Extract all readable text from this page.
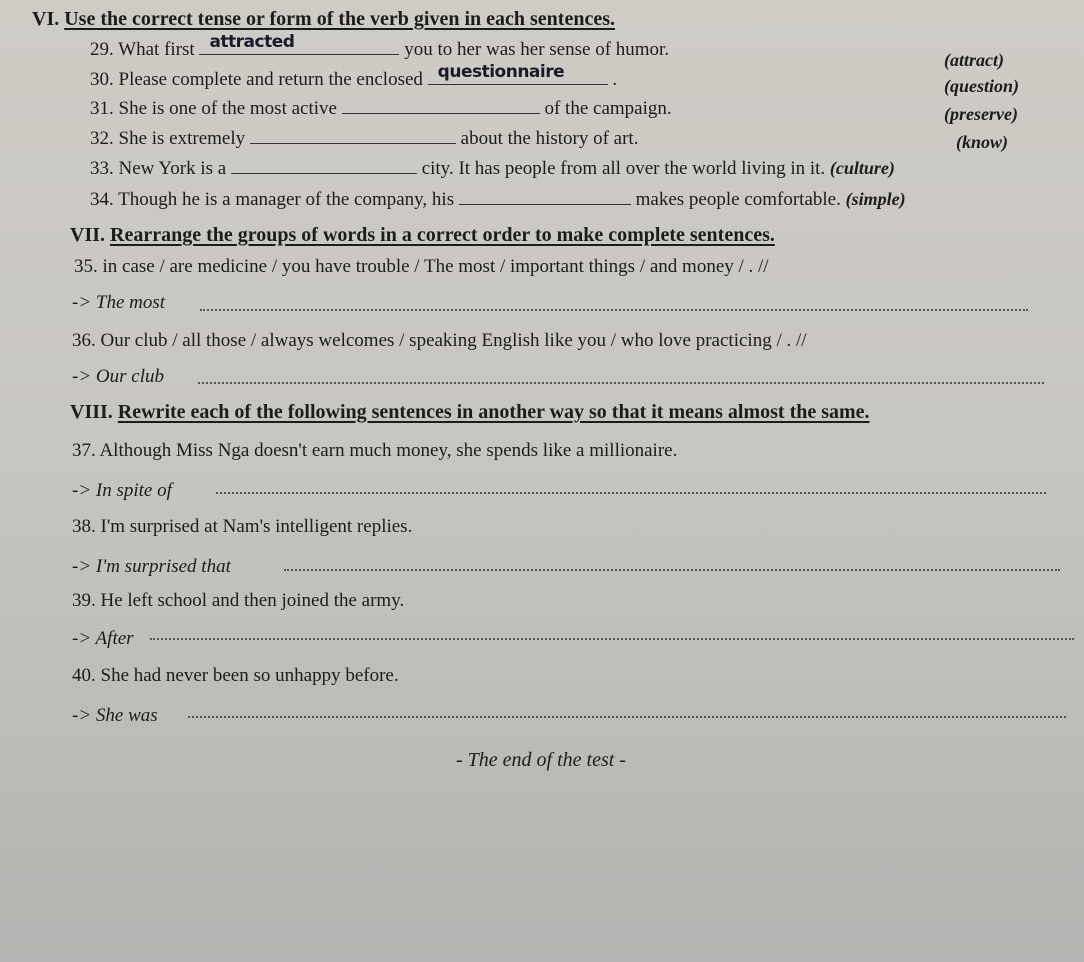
VI. Use the correct tense or form of the verb given in each sentences.
29. What first attracted	you to her was her sense of humor.	(attract)
30. Please complete and return the enclosed questionnaire	.	(question)
31. She is one of the most active	of the campaign.	(preserve)
32. She is extremely	about the history of art.	(know)
33. New York is a	city. It has people from all over the world living in it. (culture)
34. Though he is a manager of the company, his	makes people comfortable. (simple)
VII. Rearrange the groups of words in a correct order to make complete sentences.
35. in case / are medicine / you have trouble / The most / important things / and money / . //
-> The most
36. Our club / all those / always welcomes / speaking English like you / who love practicing / . //
-> Our club
VIII. Rewrite each of the following sentences in another way so that it means almost the same.
37. Although Miss Nga doesn't earn much money, she spends like a millionaire.
-> In spite of
38. I'm surprised at Nam's intelligent replies.
-> I'm surprised that
39. He left school and then joined the army.
-> After
40. She had never been so unhappy before.
-> She was
- The end of the test -
